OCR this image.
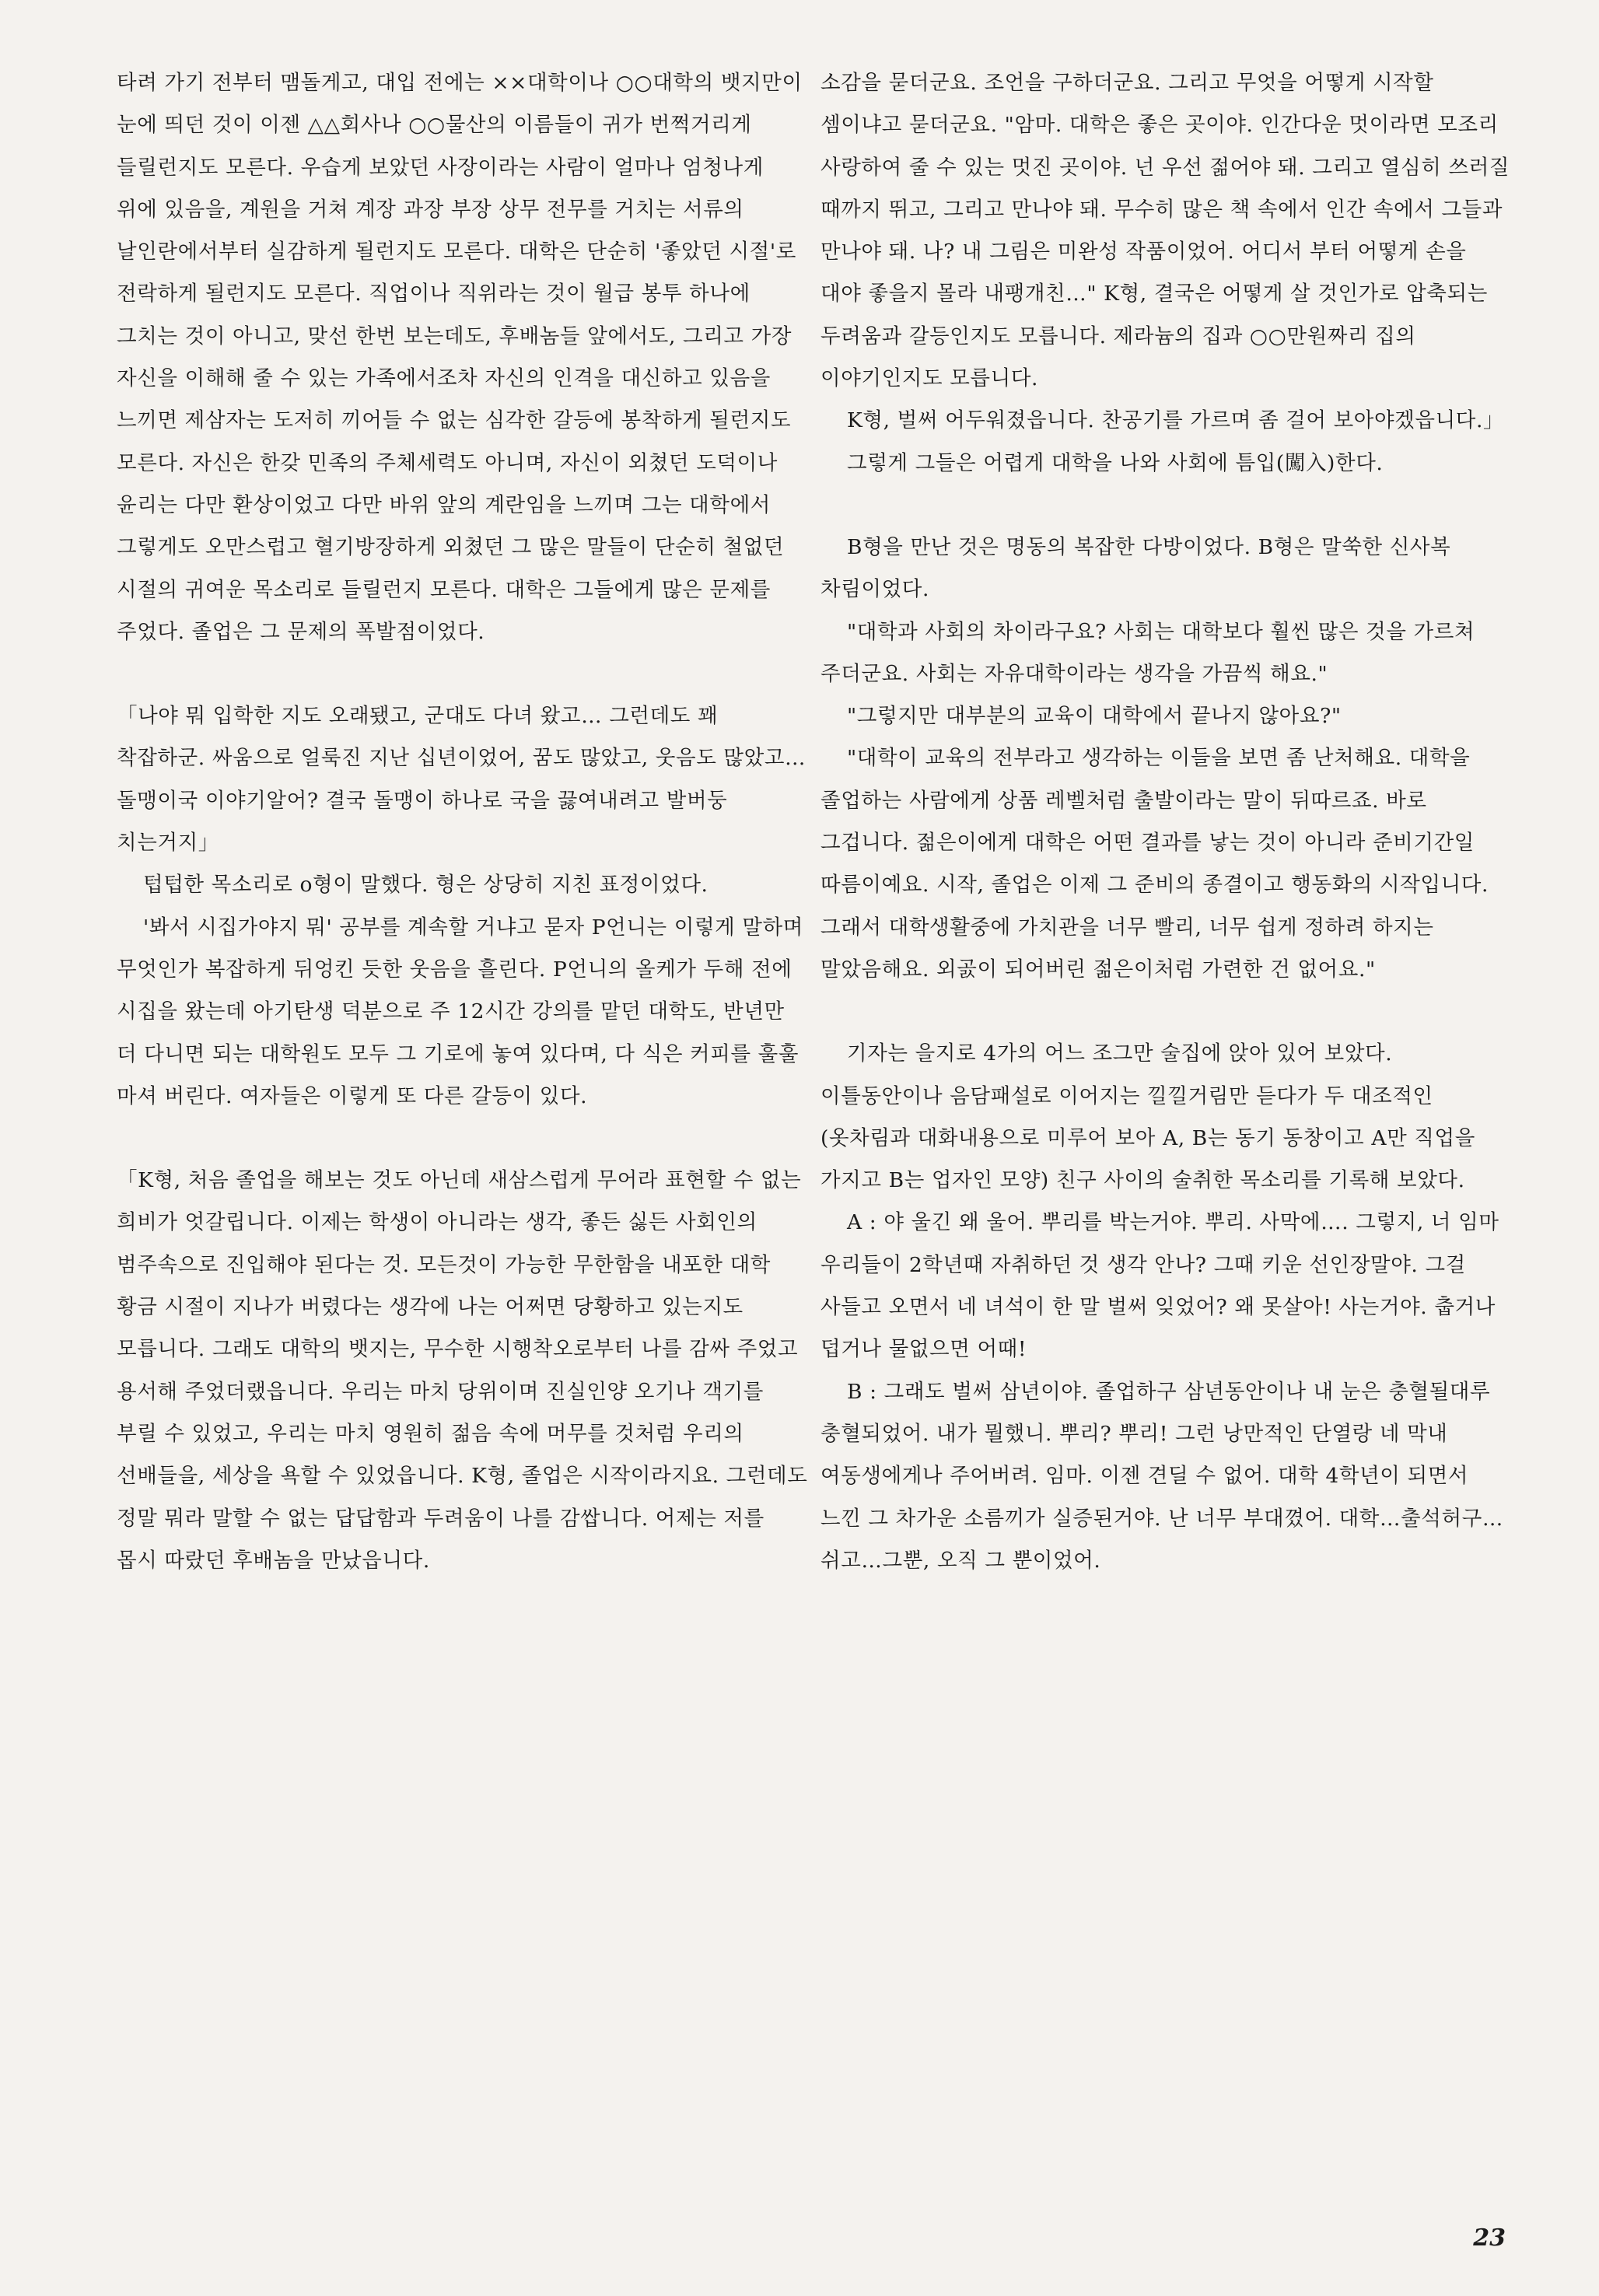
타려 가기 전부터 맴돌게고, 대입 전에는 ××대학이나 ○○대학의 뱃지만이 눈에 띄던 것이 이젠 △△회사나 ○○물산의 이름들이 귀가 번쩍거리게 들릴런지도 모른다. 우습게 보았던 사장이라는 사람이 얼마나 엄청나게 위에 있음을, 계원을 거쳐 계장 과장 부장 상무 전무를 거치는 서류의 날인란에서부터 실감하게 될런지도 모른다. 대학은 단순히 '좋았던 시절'로 전락하게 될런지도 모른다. 직업이나 직위라는 것이 월급 봉투 하나에 그치는 것이 아니고, 맞선 한번 보는데도, 후배놈들 앞에서도, 그리고 가장 자신을 이해해 줄 수 있는 가족에서조차 자신의 인격을 대신하고 있음을 느끼면 제삼자는 도저히 끼어들 수 없는 심각한 갈등에 봉착하게 될런지도 모른다. 자신은 한갖 민족의 주체세력도 아니며, 자신이 외쳤던 도덕이나 윤리는 다만 환상이었고 다만 바위 앞의 계란임을 느끼며 그는 대학에서 그렇게도 오만스럽고 혈기방장하게 외쳤던 그 많은 말들이 단순히 철없던 시절의 귀여운 목소리로 들릴런지 모른다. 대학은 그들에게 많은 문제를 주었다. 졸업은 그 문제의 폭발점이었다.

「나야 뭐 입학한 지도 오래됐고, 군대도 다녀 왔고… 그런데도 꽤 착잡하군. 싸움으로 얼룩진 지난 십년이었어, 꿈도 많았고, 웃음도 많았고…돌맹이국 이야기알어? 결국 돌맹이 하나로 국을 끓여내려고 발버둥 치는거지」

텁텁한 목소리로 o형이 말했다. 형은 상당히 지친 표정이었다.

'봐서 시집가야지 뭐' 공부를 계속할 거냐고 묻자 P언니는 이렇게 말하며 무엇인가 복잡하게 뒤엉킨 듯한 웃음을 흘린다. P언니의 올케가 두해 전에 시집을 왔는데 아기탄생 덕분으로 주 12시간 강의를 맡던 대학도, 반년만 더 다니면 되는 대학원도 모두 그 기로에 놓여 있다며, 다 식은 커피를 훌훌 마셔 버린다. 여자들은 이렇게 또 다른 갈등이 있다.

「K형, 처음 졸업을 해보는 것도 아닌데 새삼스럽게 무어라 표현할 수 없는 희비가 엇갈립니다. 이제는 학생이 아니라는 생각, 좋든 싫든 사회인의 범주속으로 진입해야 된다는 것. 모든것이 가능한 무한함을 내포한 대학 황금 시절이 지나가 버렸다는 생각에 나는 어쩌면 당황하고 있는지도 모릅니다. 그래도 대학의 뱃지는, 무수한 시행착오로부터 나를 감싸 주었고 용서해 주었더랬읍니다. 우리는 마치 당위이며 진실인양 오기나 객기를 부릴 수 있었고, 우리는 마치 영원히 젊음 속에 머무를 것처럼 우리의 선배들을, 세상을 욕할 수 있었읍니다. K형, 졸업은 시작이라지요. 그런데도 정말 뭐라 말할 수 없는 답답함과 두려움이 나를 감쌉니다. 어제는 저를 몹시 따랐던 후배놈을 만났읍니다.

소감을 묻더군요. 조언을 구하더군요. 그리고 무엇을 어떻게 시작할 셈이냐고 묻더군요. "암마. 대학은 좋은 곳이야. 인간다운 멋이라면 모조리 사랑하여 줄 수 있는 멋진 곳이야. 넌 우선 젊어야 돼. 그리고 열심히 쓰러질 때까지 뛰고, 그리고 만나야 돼. 무수히 많은 책 속에서 인간 속에서 그들과 만나야 돼. 나? 내 그림은 미완성 작품이었어. 어디서 부터 어떻게 손을 대야 좋을지 몰라 내팽개친…" K형, 결국은 어떻게 살 것인가로 압축되는 두려움과 갈등인지도 모릅니다. 제라늄의 집과 ○○만원짜리 집의 이야기인지도 모릅니다.

K형, 벌써 어두워졌읍니다. 찬공기를 가르며 좀 걸어 보아야겠읍니다.」

그렇게 그들은 어렵게 대학을 나와 사회에 틈입(闖入)한다.

B형을 만난 것은 명동의 복잡한 다방이었다. B형은 말쑥한 신사복 차림이었다.

"대학과 사회의 차이라구요? 사회는 대학보다 훨씬 많은 것을 가르쳐 주더군요. 사회는 자유대학이라는 생각을 가끔씩 해요."

"그렇지만 대부분의 교육이 대학에서 끝나지 않아요?"

"대학이 교육의 전부라고 생각하는 이들을 보면 좀 난처해요. 대학을 졸업하는 사람에게 상품 레벨처럼 출발이라는 말이 뒤따르죠. 바로 그겁니다. 젊은이에게 대학은 어떤 결과를 낳는 것이 아니라 준비기간일 따름이예요. 시작, 졸업은 이제 그 준비의 종결이고 행동화의 시작입니다. 그래서 대학생활중에 가치관을 너무 빨리, 너무 쉽게 정하려 하지는 말았음해요. 외곬이 되어버린 젊은이처럼 가련한 건 없어요."

기자는 을지로 4가의 어느 조그만 술집에 앉아 있어 보았다. 이틀동안이나 음담패설로 이어지는 낄낄거림만 듣다가 두 대조적인(옷차림과 대화내용으로 미루어 보아 A, B는 동기 동창이고 A만 직업을 가지고 B는 업자인 모양) 친구 사이의 술취한 목소리를 기록해 보았다.

A : 야 울긴 왜 울어. 뿌리를 박는거야. 뿌리. 사막에…. 그렇지, 너 임마 우리들이 2학년때 자취하던 것 생각 안나? 그때 키운 선인장말야. 그걸 사들고 오면서 네 녀석이 한 말 벌써 잊었어? 왜 못살아! 사는거야. 춥거나 덥거나 물없으면 어때!

B : 그래도 벌써 삼년이야. 졸업하구 삼년동안이나 내 눈은 충혈될대루 충혈되었어. 내가 뭘했니. 뿌리? 뿌리! 그런 낭만적인 단열랑 네 막내 여동생에게나 주어버려. 임마. 이젠 견딜 수 없어. 대학 4학년이 되면서 느낀 그 차가운 소름끼가 실증된거야. 난 너무 부대꼈어. 대학…출석허구…쉬고…그뿐, 오직 그 뿐이었어.

23
